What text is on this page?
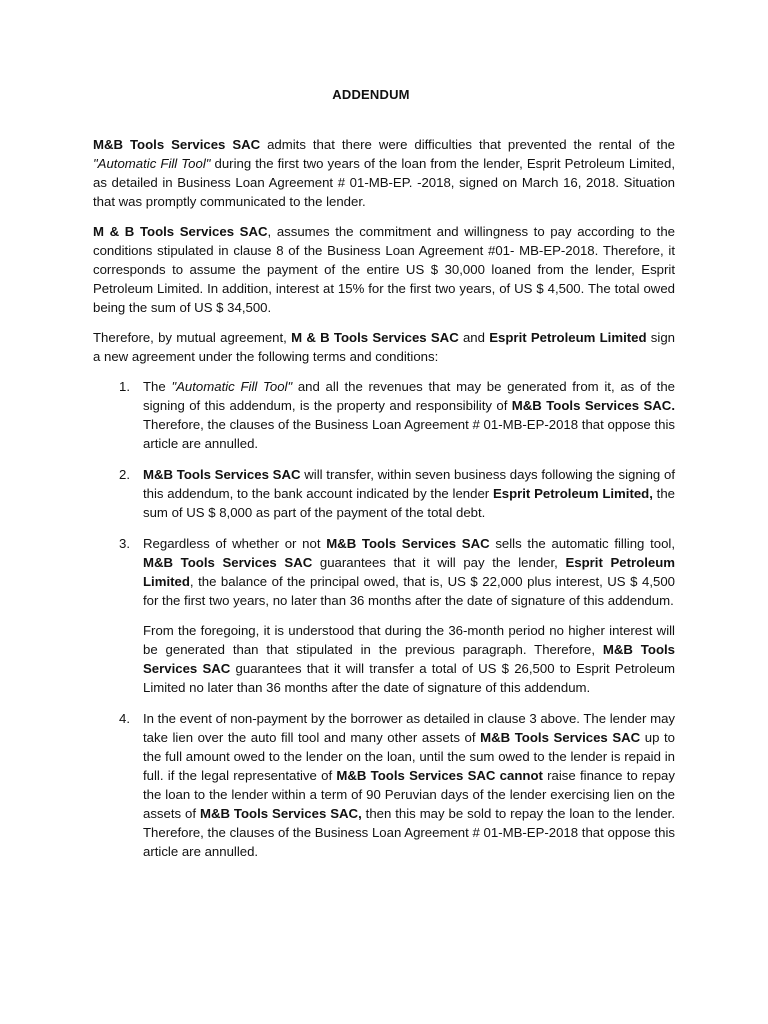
ADDENDUM

M&B Tools Services SAC admits that there were difficulties that prevented the rental of the "Automatic Fill Tool" during the first two years of the loan from the lender, Esprit Petroleum Limited, as detailed in Business Loan Agreement # 01-MB-EP. -2018, signed on March 16, 2018. Situation that was promptly communicated to the lender.

M & B Tools Services SAC, assumes the commitment and willingness to pay according to the conditions stipulated in clause 8 of the Business Loan Agreement #01- MB-EP-2018. Therefore, it corresponds to assume the payment of the entire US $ 30,000 loaned from the lender, Esprit Petroleum Limited. In addition, interest at 15% for the first two years, of US $ 4,500. The total owed being the sum of US $ 34,500.

Therefore, by mutual agreement, M & B Tools Services SAC and Esprit Petroleum Limited sign a new agreement under the following terms and conditions:

1. The "Automatic Fill Tool" and all the revenues that may be generated from it, as of the signing of this addendum, is the property and responsibility of M&B Tools Services SAC. Therefore, the clauses of the Business Loan Agreement # 01-MB-EP-2018 that oppose this article are annulled.

2. M&B Tools Services SAC will transfer, within seven business days following the signing of this addendum, to the bank account indicated by the lender Esprit Petroleum Limited, the sum of US $ 8,000 as part of the payment of the total debt.

3. Regardless of whether or not M&B Tools Services SAC sells the automatic filling tool, M&B Tools Services SAC guarantees that it will pay the lender, Esprit Petroleum Limited, the balance of the principal owed, that is, US $ 22,000 plus interest, US $ 4,500 for the first two years, no later than 36 months after the date of signature of this addendum.

From the foregoing, it is understood that during the 36-month period no higher interest will be generated than that stipulated in the previous paragraph. Therefore, M&B Tools Services SAC guarantees that it will transfer a total of US $ 26,500 to Esprit Petroleum Limited no later than 36 months after the date of signature of this addendum.

4. In the event of non-payment by the borrower as detailed in clause 3 above. The lender may take lien over the auto fill tool and many other assets of M&B Tools Services SAC up to the full amount owed to the lender on the loan, until the sum owed to the lender is repaid in full. if the legal representative of M&B Tools Services SAC cannot raise finance to repay the loan to the lender within a term of 90 Peruvian days of the lender exercising lien on the assets of M&B Tools Services SAC, then this may be sold to repay the loan to the lender. Therefore, the clauses of the Business Loan Agreement # 01-MB-EP-2018 that oppose this article are annulled.
